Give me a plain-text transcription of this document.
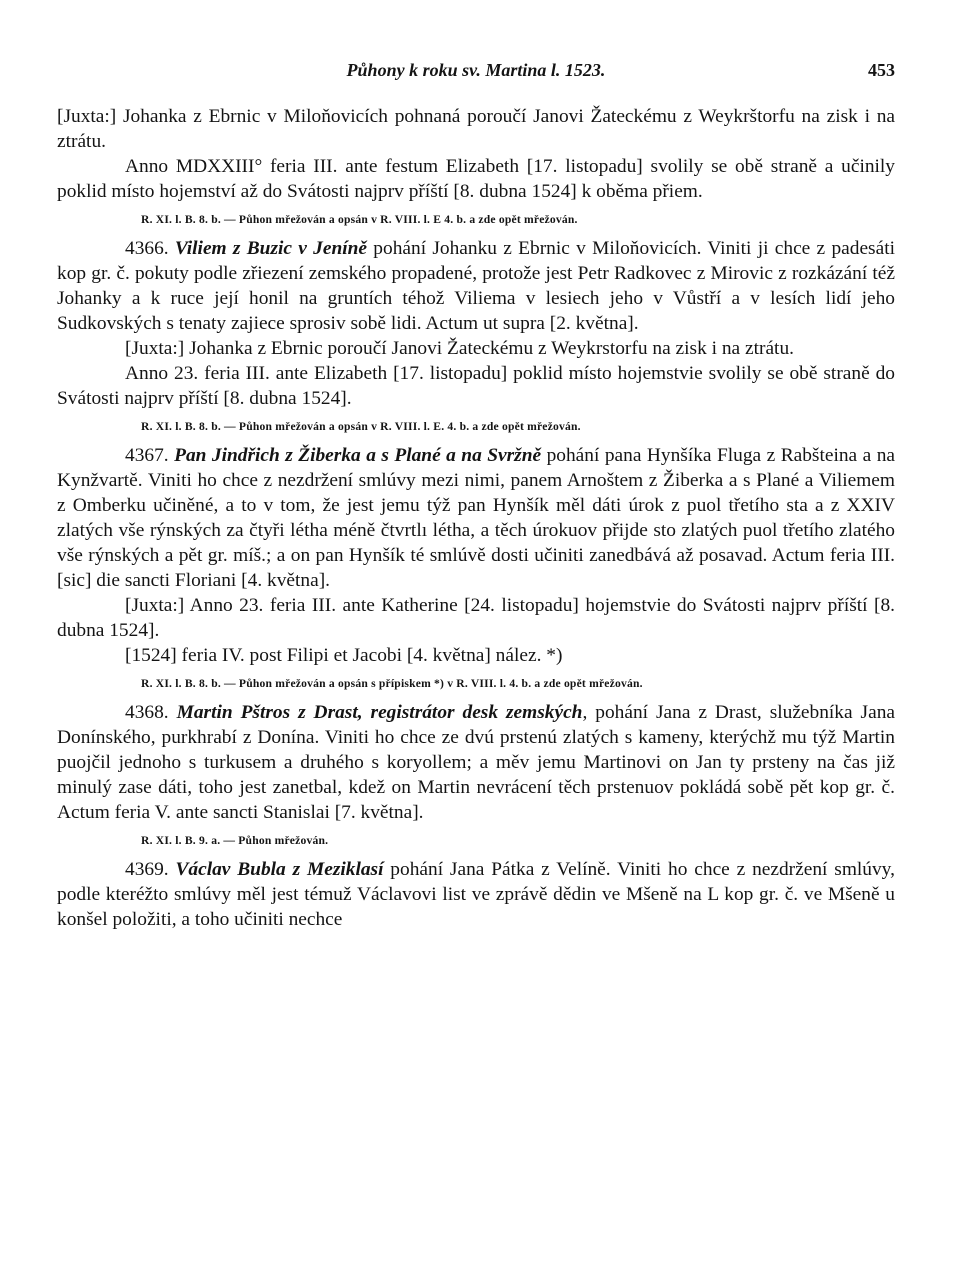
Půhony k roku sv. Martina l. 1523.	453

[Juxta:] Johanka z Ebrnic v Miloňovicích pohnaná poroučí Janovi Žateckému z Weykrštorfu na zisk i na ztrátu.

Anno MDXXIII° feria III. ante festum Elizabeth [17. listopadu] svolily se obě straně a učinily poklid místo hojemství až do Svátosti najprv příští [8. dubna 1524] k oběma přiem.

R. XI. l. B. 8. b. — Půhon mřežován a opsán v R. VIII. l. E 4. b. a zde opět mřežován.

4366. Viliem z Buzic v Jeníně pohání Johanku z Ebrnic v Miloňovicích. Viniti ji chce z padesáti kop gr. č. pokuty podle zřiezení zemského propadené, protože jest Petr Radkovec z Mirovic z rozkázání též Johanky a k ruce její honil na gruntích téhož Viliema v lesiech jeho v Vůstří a v lesích lidí jeho Sudkovských s tenaty zajiece sprosiv sobě lidi. Actum ut supra [2. května].

[Juxta:] Johanka z Ebrnic poroučí Janovi Žateckému z Weykrstorfu na zisk i na ztrátu.

Anno 23. feria III. ante Elizabeth [17. listopadu] poklid místo hojemstvie svolily se obě straně do Svátosti najprv příští [8. dubna 1524].

R. XI. l. B. 8. b. — Půhon mřežován a opsán v R. VIII. l. E. 4. b. a zde opět mřežován.

4367. Pan Jindřich z Žiberka a s Plané a na Svržně pohání pana Hynšíka Fluga z Rabšteina a na Kynžvartě. Viniti ho chce z nezdržení smlúvy mezi nimi, panem Arnoštem z Žiberka a s Plané a Viliemem z Omberku učiněné, a to v tom, že jest jemu týž pan Hynšík měl dáti úrok z puol třetího sta a z XXIV zlatých vše rýnských za čtyři létha méně čtvrtlı létha, a těch úrokuov přijde sto zlatých puol třetího zlatého vše rýnských a pět gr. míš.; a on pan Hynšík té smlúvě dosti učiniti zanedbává až posavad. Actum feria III. [sic] die sancti Floriani [4. května].

[Juxta:] Anno 23. feria III. ante Katherine [24. listopadu] hojemstvie do Svátosti najprv příští [8. dubna 1524].

[1524] feria IV. post Filipi et Jacobi [4. května] nález. *)

R. XI. l. B. 8. b. — Půhon mřežován a opsán s přípiskem *) v R. VIII. l. 4. b. a zde opět mřežován.

4368. Martin Pštros z Drast, registrátor desk zemských, pohání Jana z Drast, služebníka Jana Donínského, purkhrabí z Donína. Viniti ho chce ze dvú prstenú zlatých s kameny, kterýchž mu týž Martin puojčil jednoho s turkusem a druhého s koryollem; a měv jemu Martinovi on Jan ty prsteny na čas již minulý zase dáti, toho jest zanetbal, kdež on Martin nevrácení těch prstenuov pokládá sobě pět kop gr. č. Actum feria V. ante sancti Stanislai [7. května].

R. XI. l. B. 9. a. — Půhon mřežován.

4369. Václav Bubla z Meziklasí pohání Jana Pátka z Velíně. Viniti ho chce z nezdržení smlúvy, podle kteréžto smlúvy měl jest témuž Václavovi list ve zprávě dědin ve Mšeně na L kop gr. č. ve Mšeně u konšel položiti, a toho učiniti nechce
